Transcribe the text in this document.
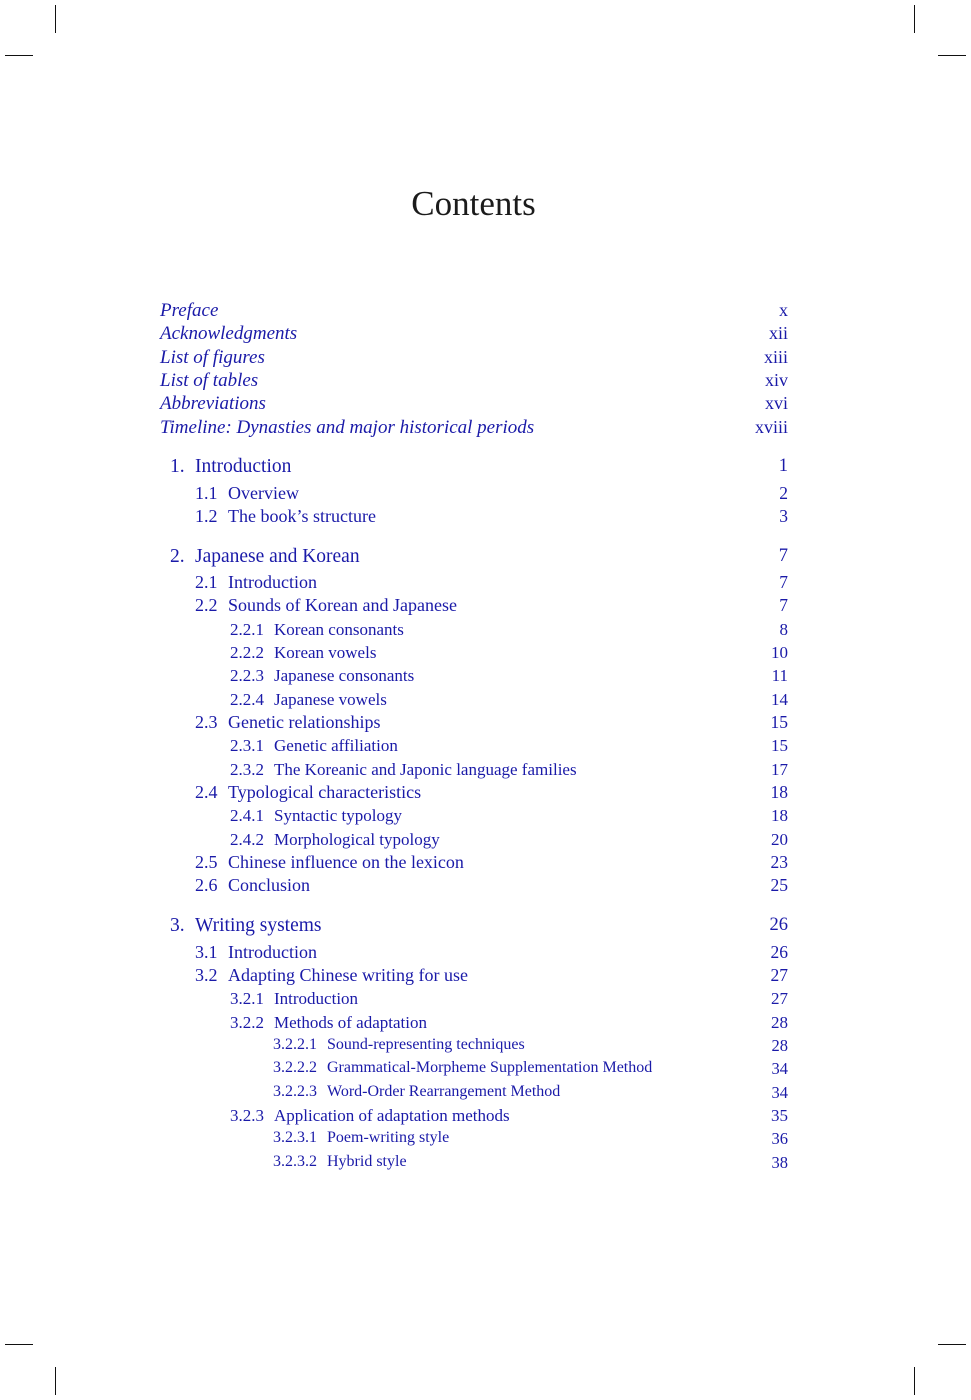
Contents
Preface	x
Acknowledgments	xii
List of figures	xiii
List of tables	xiv
Abbreviations	xvi
Timeline: Dynasties and major historical periods	xviii
1. Introduction	1
1.1 Overview	2
1.2 The book’s structure	3
2. Japanese and Korean	7
2.1 Introduction	7
2.2 Sounds of Korean and Japanese	7
2.2.1 Korean consonants	8
2.2.2 Korean vowels	10
2.2.3 Japanese consonants	11
2.2.4 Japanese vowels	14
2.3 Genetic relationships	15
2.3.1 Genetic affiliation	15
2.3.2 The Koreanic and Japonic language families	17
2.4 Typological characteristics	18
2.4.1 Syntactic typology	18
2.4.2 Morphological typology	20
2.5 Chinese influence on the lexicon	23
2.6 Conclusion	25
3. Writing systems	26
3.1 Introduction	26
3.2 Adapting Chinese writing for use	27
3.2.1 Introduction	27
3.2.2 Methods of adaptation	28
3.2.2.1 Sound-representing techniques	28
3.2.2.2 Grammatical-Morpheme Supplementation Method	34
3.2.2.3 Word-Order Rearrangement Method	34
3.2.3 Application of adaptation methods	35
3.2.3.1 Poem-writing style	36
3.2.3.2 Hybrid style	38
